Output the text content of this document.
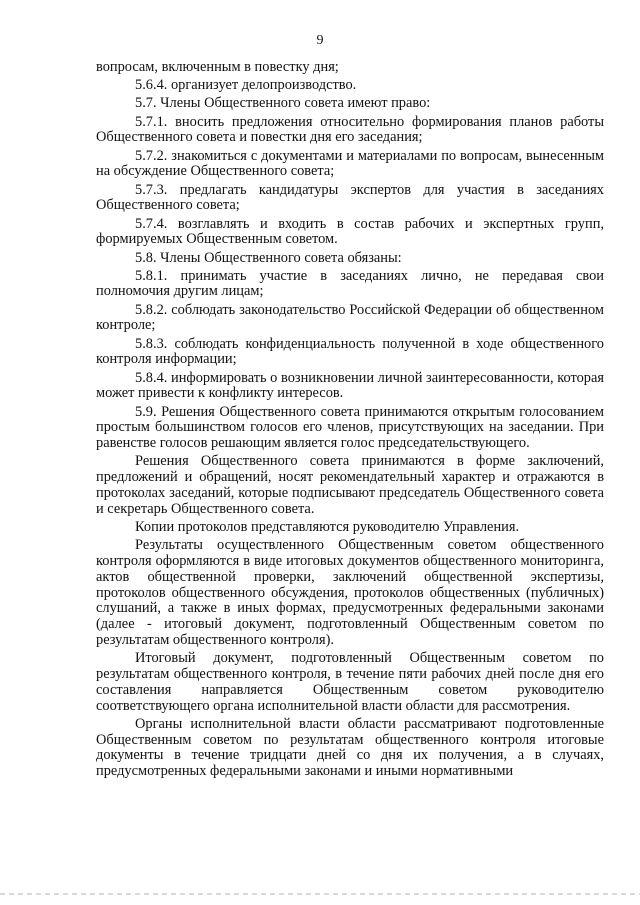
9

вопросам, включенным в повестку дня;

5.6.4. организует делопроизводство.

5.7. Члены Общественного совета имеют право:

5.7.1. вносить предложения относительно формирования планов работы Общественного совета и повестки дня его заседания;

5.7.2. знакомиться с документами и материалами по вопросам, вынесенным на обсуждение Общественного совета;

5.7.3. предлагать кандидатуры экспертов для участия в заседаниях Общественного совета;

5.7.4. возглавлять и входить в состав рабочих и экспертных групп, формируемых Общественным советом.

5.8. Члены Общественного совета обязаны:

5.8.1. принимать участие в заседаниях лично, не передавая свои полномочия другим лицам;

5.8.2. соблюдать законодательство Российской Федерации об общественном контроле;

5.8.3. соблюдать конфиденциальность полученной в ходе общественного контроля информации;

5.8.4. информировать о возникновении личной заинтересованности, которая может привести к конфликту интересов.

5.9. Решения Общественного совета принимаются открытым голосованием простым большинством голосов его членов, присутствующих на заседании. При равенстве голосов решающим является голос председательствующего.

Решения Общественного совета принимаются в форме заключений, предложений и обращений, носят рекомендательный характер и отражаются в протоколах заседаний, которые подписывают председатель Общественного совета и секретарь Общественного совета.

Копии протоколов представляются руководителю Управления.

Результаты осуществленного Общественным советом общественного контроля оформляются в виде итоговых документов общественного мониторинга, актов общественной проверки, заключений общественной экспертизы, протоколов общественного обсуждения, протоколов общественных (публичных) слушаний, а также в иных формах, предусмотренных федеральными законами (далее - итоговый документ, подготовленный Общественным советом по результатам общественного контроля).

Итоговый документ, подготовленный Общественным советом по результатам общественного контроля, в течение пяти рабочих дней после дня его составления направляется Общественным советом руководителю соответствующего органа исполнительной власти области для рассмотрения.

Органы исполнительной власти области рассматривают подготовленные Общественным советом по результатам общественного контроля итоговые документы в течение тридцати дней со дня их получения, а в случаях, предусмотренных федеральными законами и иными нормативными
